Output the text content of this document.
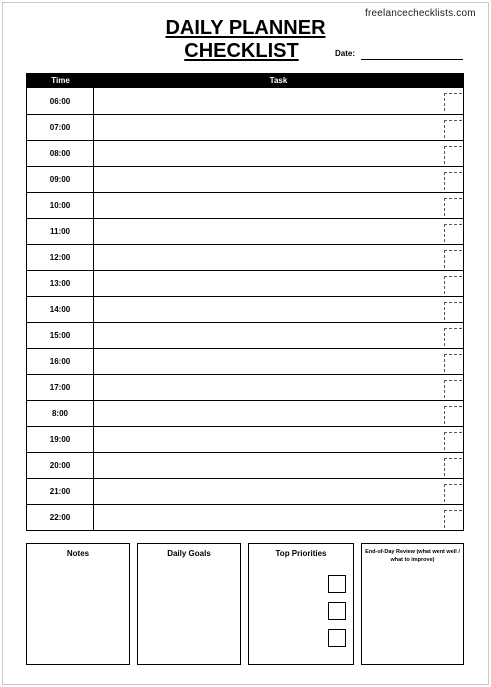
freelancechecklists.com
DAILY PLANNER
CHECKLIST	Date:
Time	Task
06:00
07:00
08:00
09:00
10:00
11:00
12:00
13:00
14:00
15:00
16:00
17:00
8:00
19:00
20:00
21:00
22:00
Notes	Daily Goals	Top Priorities	End-of-Day Review (what went well / what to improve)
